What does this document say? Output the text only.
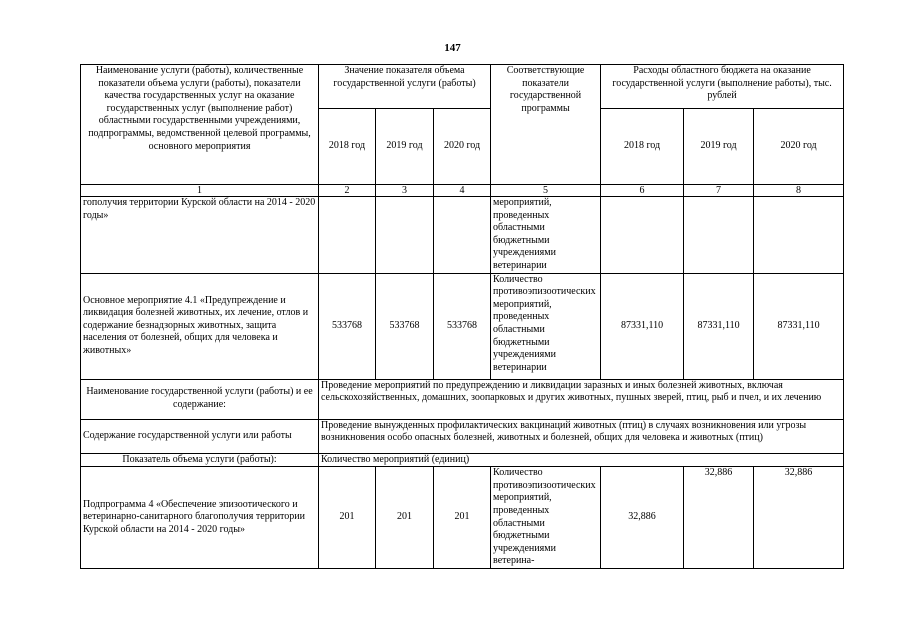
147
Наименование услуги (работы), количественные показатели объема услуги (работы), показатели качества государственных услуг на оказание государственных услуг (выполнение работ) областными государственными учреждениями, подпрограммы, ведомственной целевой программы, основного мероприятия	Значение показателя объема государственной услуги (работы)			Соответствующие показатели государственной программы	Расходы областного бюджета на оказание государственной услуги (выполнение работы), тыс. рублей		
	2018 год	2019 год	2020 год		2018 год	2019 год	2020 год
1	2	3	4	5	6	7	8
гополучия территории Курской области на 2014 - 2020 годы»				мероприятий, проведенных областными бюджетными учреждениями ветеринарии			
Основное мероприятие 4.1 «Предупреждение и ликвидация болезней животных, их лечение, отлов и содержание безнадзорных животных, защита населения от болезней, общих для человека и животных»	533768	533768	533768	Количество противоэпизоотических мероприятий, проведенных областными бюджетными учреждениями ветеринарии	87331,110	87331,110	87331,110
Наименование государственной услуги (работы) и ее содержание:	Проведение мероприятий по предупреждению и ликвидации заразных и иных болезней животных, включая сельскохозяйственных, домашних, зоопарковых и других животных, пушных зверей, птиц, рыб и пчел, и их лечению						
Содержание государственной услуги или работы	Проведение вынужденных профилактических вакцинаций животных (птиц) в случаях возникновения или угрозы возникновения особо опасных болезней, животных и болезней, общих для человека и животных (птиц)						
Показатель объема услуги (работы):	Количество мероприятий (единиц)						
Подпрограмма 4 «Обеспечение эпизоотического и ветеринарно-санитарного благополучия территории Курской области на 2014 - 2020 годы»	201	201	201	Количество противоэпизоотических мероприятий, проведенных областными бюджетными учреждениями ветерина-	32,886	32,886	32,886
